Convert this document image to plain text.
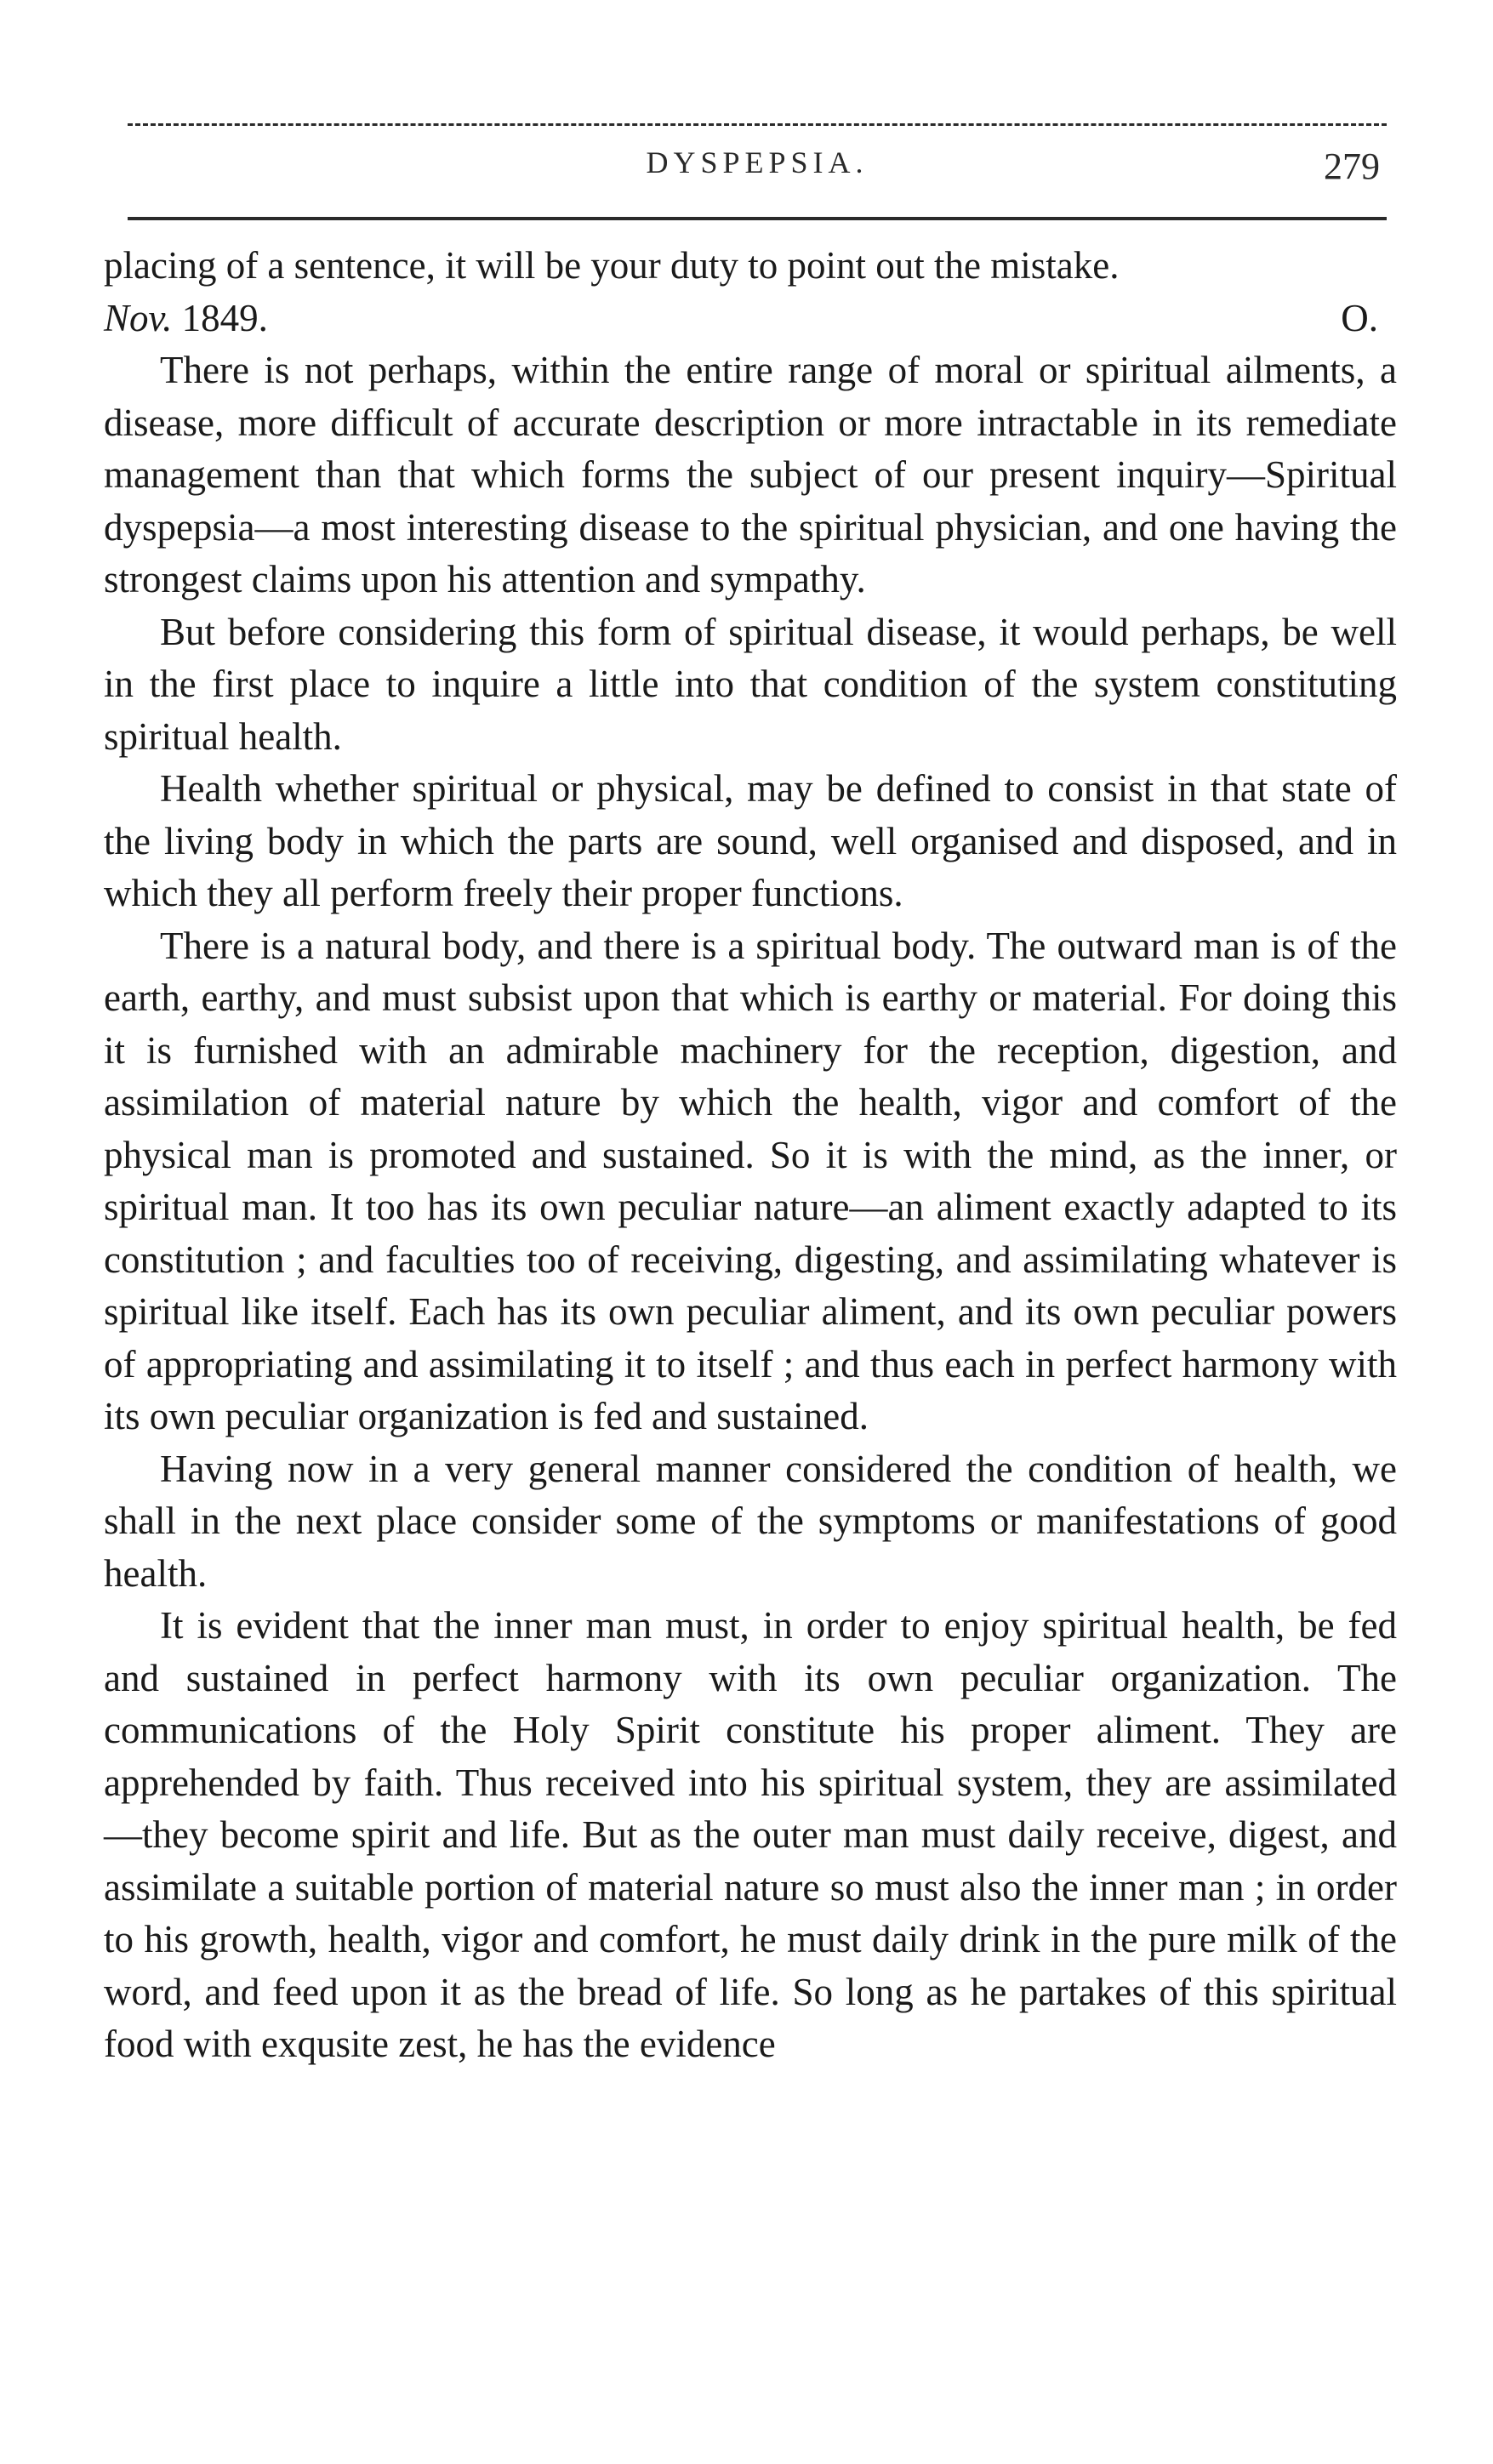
DYSPEPSIA.	279

placing of a sentence, it will be your duty to point out the mistake.

Nov. 1849.	O.

There is not perhaps, within the entire range of moral or spiritual ailments, a disease, more difficult of accurate description or more intractable in its remediate management than that which forms the subject of our present inquiry—Spiritual dyspepsia—a most interesting disease to the spiritual physician, and one having the strongest claims upon his attention and sympathy.

But before considering this form of spiritual disease, it would perhaps, be well in the first place to inquire a little into that condition of the system constituting spiritual health.

Health whether spiritual or physical, may be defined to consist in that state of the living body in which the parts are sound, well organised and disposed, and in which they all perform freely their proper functions.

There is a natural body, and there is a spiritual body. The outward man is of the earth, earthy, and must subsist upon that which is earthy or material. For doing this it is furnished with an admirable machinery for the reception, digestion, and assimilation of material nature by which the health, vigor and comfort of the physical man is promoted and sustained. So it is with the mind, as the inner, or spiritual man. It too has its own peculiar nature—an aliment exactly adapted to its constitution ; and faculties too of receiving, digesting, and assimilating whatever is spiritual like itself. Each has its own peculiar aliment, and its own peculiar powers of appropriating and assimilating it to itself ; and thus each in perfect harmony with its own peculiar organization is fed and sustained.

Having now in a very general manner considered the condition of health, we shall in the next place consider some of the symptoms or manifestations of good health.

It is evident that the inner man must, in order to enjoy spiritual health, be fed and sustained in perfect harmony with its own peculiar organization. The communications of the Holy Spirit constitute his proper aliment. They are apprehended by faith. Thus received into his spiritual system, they are assimilated—they become spirit and life. But as the outer man must daily receive, digest, and assimilate a suitable portion of material nature so must also the inner man ; in order to his growth, health, vigor and comfort, he must daily drink in the pure milk of the word, and feed upon it as the bread of life. So long as he partakes of this spiritual food with exqusite zest, he has the evidence
